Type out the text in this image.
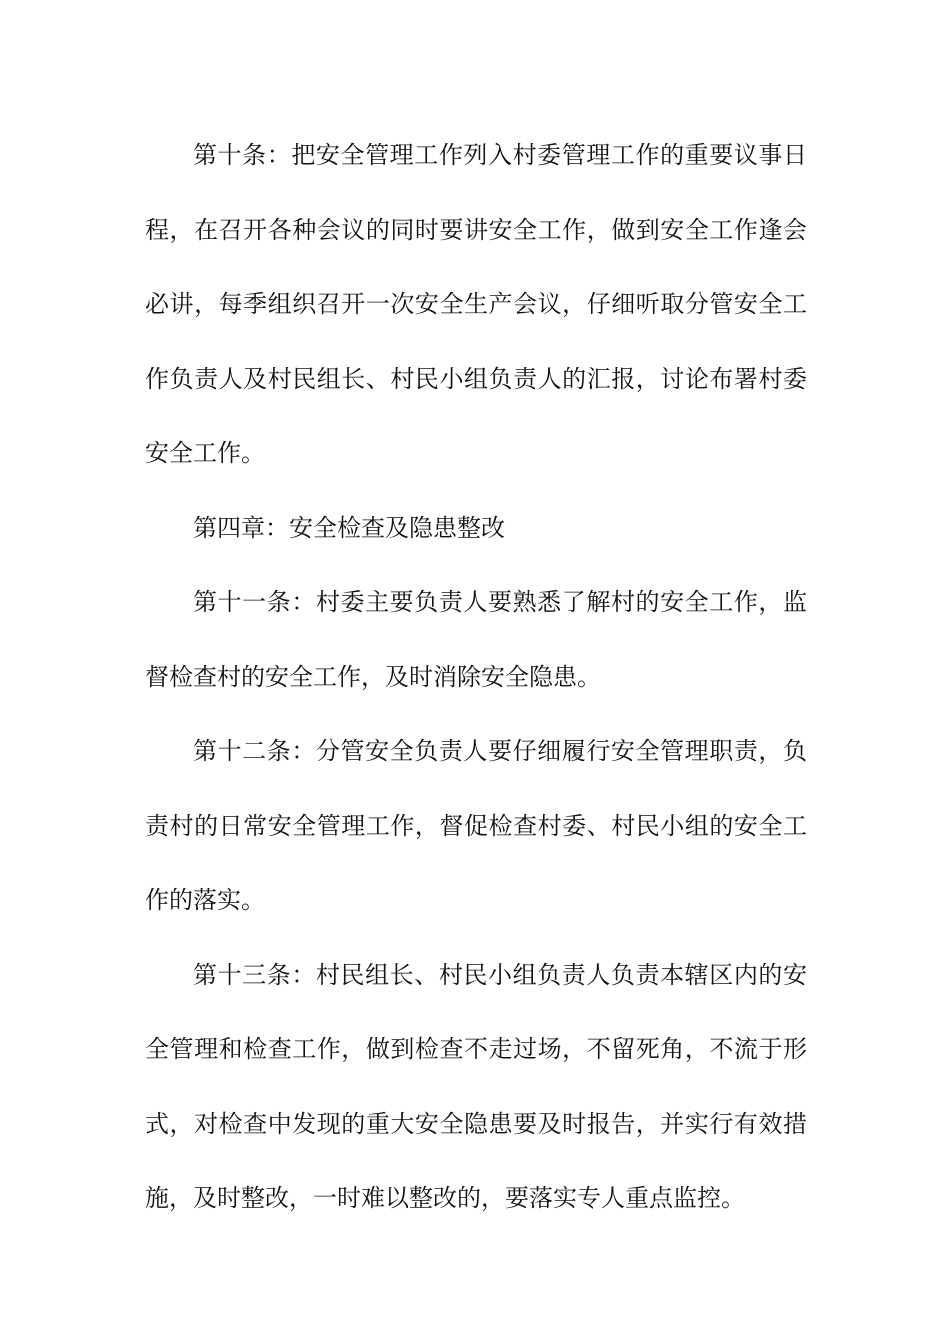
第十条：把安全管理工作列入村委管理工作的重要议事日
程，在召开各种会议的同时要讲安全工作，做到安全工作逢会
必讲，每季组织召开一次安全生产会议，仔细听取分管安全工
作负责人及村民组长、村民小组负责人的汇报，讨论布署村委
安全工作。
第四章：安全检查及隐患整改
第十一条：村委主要负责人要熟悉了解村的安全工作，监
督检查村的安全工作，及时消除安全隐患。
第十二条：分管安全负责人要仔细履行安全管理职责，负
责村的日常安全管理工作，督促检查村委、村民小组的安全工
作的落实。
第十三条：村民组长、村民小组负责人负责本辖区内的安
全管理和检查工作，做到检查不走过场，不留死角，不流于形
式，对检查中发现的重大安全隐患要及时报告，并实行有效措
施，及时整改，一时难以整改的，要落实专人重点监控。
